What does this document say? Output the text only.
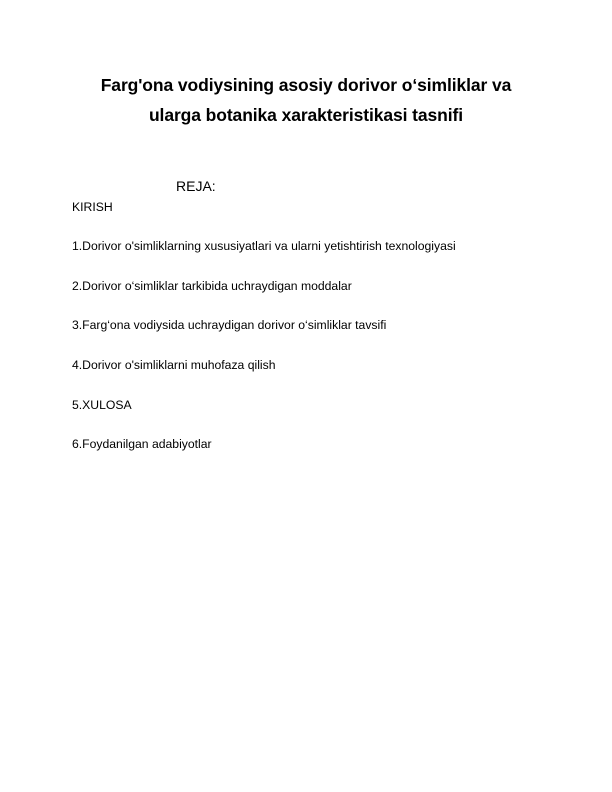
Farg'ona vodiysining asosiy dorivor o‘simliklar va
ularga botanika xarakteristikasi tasnifi
REJA:
KIRISH
1.Dorivor o'simliklarning xususiyatlari va ularni yetishtirish texnologiyasi
2.Dorivor o‘simliklar tarkibida uchraydigan moddalar
3.Farg‘ona vodiysida uchraydigan dorivor o‘simliklar tavsifi
4.Dorivor o'simliklarni muhofaza qilish
5.XULOSA
6.Foydanilgan adabiyotlar
